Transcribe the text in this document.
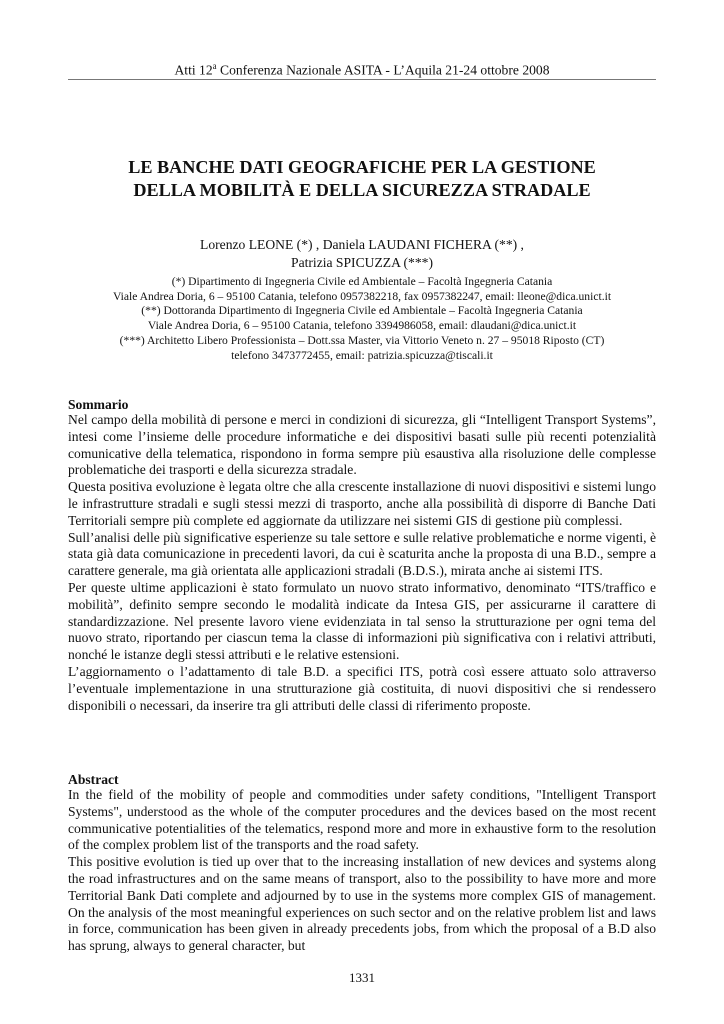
Atti 12$^a$ Conferenza Nazionale ASITA - L’Aquila 21-24 ottobre 2008
LE BANCHE DATI GEOGRAFICHE PER LA GESTIONE
DELLA MOBILITÀ E DELLA SICUREZZA STRADALE
Lorenzo LEONE (*) , Daniela LAUDANI FICHERA (**) ,
Patrizia SPICUZZA (***)
(*) Dipartimento di Ingegneria Civile ed Ambientale – Facoltà Ingegneria Catania
Viale Andrea Doria, 6 – 95100 Catania, telefono 0957382218, fax 0957382247, email: lleone@dica.unict.it
(**) Dottoranda Dipartimento di Ingegneria Civile ed Ambientale – Facoltà Ingegneria Catania
Viale Andrea Doria, 6 – 95100 Catania, telefono 3394986058, email: dlaudani@dica.unict.it
(***) Architetto Libero Professionista – Dott.ssa Master, via Vittorio Veneto n. 27 – 95018 Riposto (CT)
telefono 3473772455, email: patrizia.spicuzza@tiscali.it
Sommario

Nel campo della mobilità di persone e merci in condizioni di sicurezza, gli “Intelligent Transport Systems”, intesi come l’insieme delle procedure informatiche e dei dispositivi basati sulle più recenti potenzialità comunicative della telematica, rispondono in forma sempre più esaustiva alla risoluzione delle complesse problematiche dei trasporti e della sicurezza stradale.

Questa positiva evoluzione è legata oltre che alla crescente installazione di nuovi dispositivi e sistemi lungo le infrastrutture stradali e sugli stessi mezzi di trasporto, anche alla possibilità di disporre di Banche Dati Territoriali sempre più complete ed aggiornate da utilizzare nei sistemi GIS di gestione più complessi.

Sull’analisi delle più significative esperienze su tale settore e sulle relative problematiche e norme vigenti, è stata già data comunicazione in precedenti lavori, da cui è scaturita anche la proposta di una B.D., sempre a carattere generale, ma già orientata alle applicazioni stradali (B.D.S.), mirata anche ai sistemi ITS.

Per queste ultime applicazioni è stato formulato un nuovo strato informativo, denominato “ITS/traffico e mobilità”, definito sempre secondo le modalità indicate da Intesa GIS, per assicurarne il carattere di standardizzazione. Nel presente lavoro viene evidenziata in tal senso la strutturazione per ogni tema del nuovo strato, riportando per ciascun tema la classe di informazioni più significativa con i relativi attributi, nonché le istanze degli stessi attributi e le relative estensioni.

L’aggiornamento o l’adattamento di tale B.D. a specifici ITS, potrà così essere attuato solo attraverso l’eventuale implementazione in una strutturazione già costituita, di nuovi dispositivi che si rendessero disponibili o necessari, da inserire tra gli attributi delle classi di riferimento proposte.

Abstract

In the field of the mobility of people and commodities under safety conditions, "Intelligent Transport Systems", understood as the whole of the computer procedures and the devices based on the most recent communicative potentialities of the telematics, respond more and more in exhaustive form to the resolution of the complex problem list of the transports and the road safety.

This positive evolution is tied up over that to the increasing installation of new devices and systems along the road infrastructures and on the same means of transport, also to the possibility to have more and more Territorial Bank Dati complete and adjourned by to use in the systems more complex GIS of management. On the analysis of the most meaningful experiences on such sector and on the relative problem list and laws in force, communication has been given in already precedents jobs, from which the proposal of a B.D also has sprung, always to general character, but

1331
